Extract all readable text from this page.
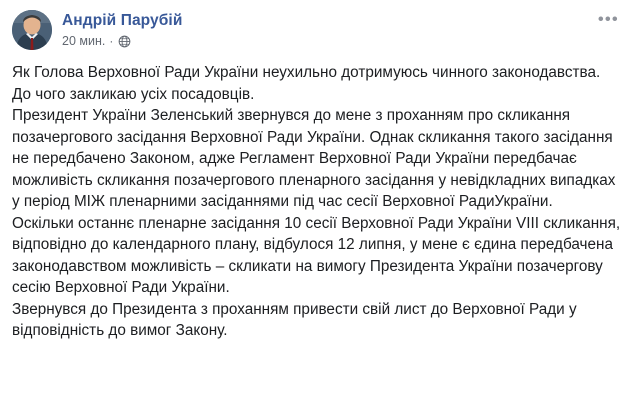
Андрій Парубій
20 мин. ·
•••

Як Голова Верховної Ради України неухильно дотримуюсь чинного законодавства. До чого закликаю усіх посадовців.

Президент України Зеленський звернувся до мене з проханням про скликання позачергового засідання Верховної Ради України. Однак скликання такого засідання не передбачено Законом, адже Регламент Верховної Ради України передбачає можливість скликання позачергового пленарного засідання у невідкладних випадках у період МІЖ пленарними засіданнями під час сесії Верховної РадиУкраїни.

Оскільки останнє пленарне засідання 10 сесії Верховної Ради України VIII скликання, відповідно до календарного плану, відбулося 12 липня, у мене є єдина передбачена законодавством можливість – скликати на вимогу Президента України позачергову сесію Верховної Ради України.

Звернувся до Президента з проханням привести свій лист до Верховної Ради у відповідність до вимог Закону.
